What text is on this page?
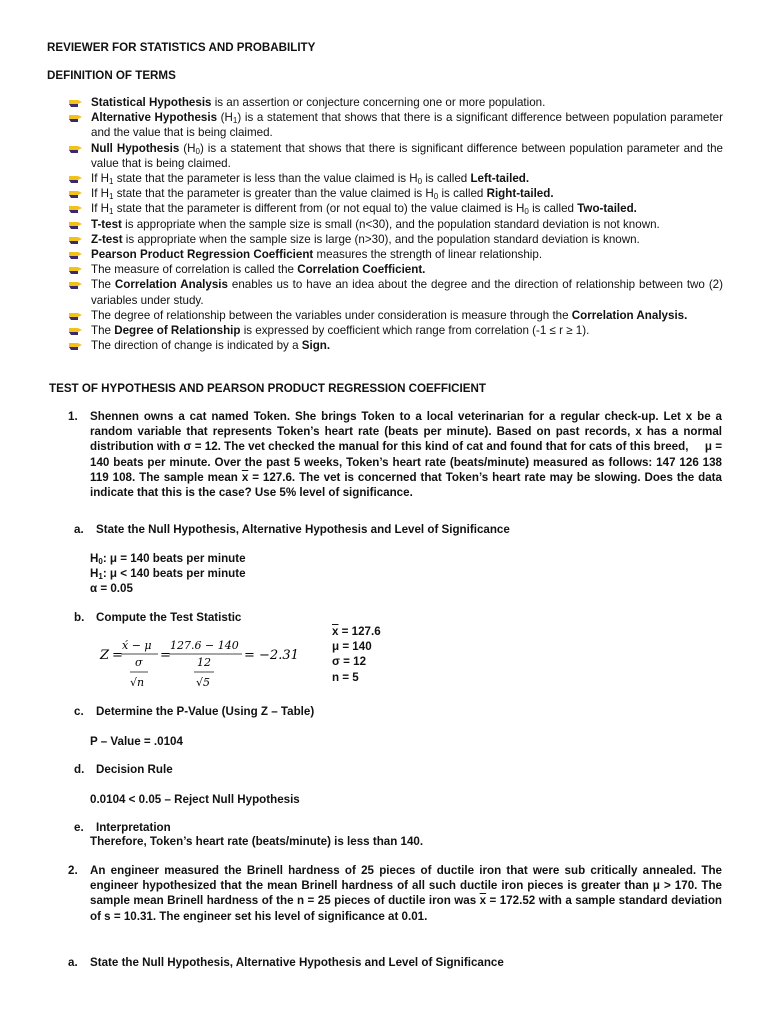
REVIEWER FOR STATISTICS AND PROBABILITY
DEFINITION OF TERMS
Statistical Hypothesis is an assertion or conjecture concerning one or more population.
Alternative Hypothesis $(H_1)$ is a statement that shows that there is a significant difference between population parameter and the value that is being claimed.
Null Hypothesis $(H_0)$ is a statement that shows that there is significant difference between population parameter and the value that is being claimed.
If $H_1$ state that the parameter is less than the value claimed is $H_0$ is called Left-tailed.
If $H_1$ state that the parameter is greater than the value claimed is $H_0$ is called Right-tailed.
If $H_1$ state that the parameter is different from (or not equal to) the value claimed is $H_0$ is called Two-tailed.
T-test is appropriate when the sample size is small (n<30), and the population standard deviation is not known.
Z-test is appropriate when the sample size is large (n>30), and the population standard deviation is known.
Pearson Product Regression Coefficient measures the strength of linear relationship.
The measure of correlation is called the Correlation Coefficient.
The Correlation Analysis enables us to have an idea about the degree and the direction of relationship between two (2) variables under study.
The degree of relationship between the variables under consideration is measure through the Correlation Analysis.
The Degree of Relationship is expressed by coefficient which range from correlation (-1 ≤ r ≥ 1).
The direction of change is indicated by a Sign.
TEST OF HYPOTHESIS AND PEARSON PRODUCT REGRESSION COEFFICIENT
1. Shennen owns a cat named Token. She brings Token to a local veterinarian for a regular check-up. Let x be a random variable that represents Token’s heart rate (beats per minute). Based on past records, x has a normal distribution with σ = 12. The vet checked the manual for this kind of cat and found that for cats of this breed,     μ = 140 beats per minute. Over the past 5 weeks, Token’s heart rate (beats/minute) measured as follows: 147 126 138 119 108. The sample mean $\overline{x} = 127.6$. The vet is concerned that Token’s heart rate may be slowing. Does the data indicate that this is the case? Use 5% level of significance.
a. State the Null Hypothesis, Alternative Hypothesis and Level of Significance
$H_0$: μ = 140 beats per minute
$H_1$: μ < 140 beats per minute
α = 0.05
b. Compute the Test Statistic
Z =
x́ − μ
σ
√n
=
127.6 − 140
12
√5
= −2.31
$\overline{x} = 127.6$
μ = 140
σ = 12
n = 5
c. Determine the P-Value (Using Z – Table)
P – Value = .0104
d. Decision Rule
0.0104 < 0.05 – Reject Null Hypothesis
e. Interpretation
Therefore, Token’s heart rate (beats/minute) is less than 140.
2. An engineer measured the Brinell hardness of 25 pieces of ductile iron that were sub critically annealed. The engineer hypothesized that the mean Brinell hardness of all such ductile iron pieces is greater than μ > 170. The sample mean Brinell hardness of the n = 25 pieces of ductile iron was $\overline{x} = 172.52$ with a sample standard deviation of s = 10.31. The engineer set his level of significance at 0.01.
a. State the Null Hypothesis, Alternative Hypothesis and Level of Significance
